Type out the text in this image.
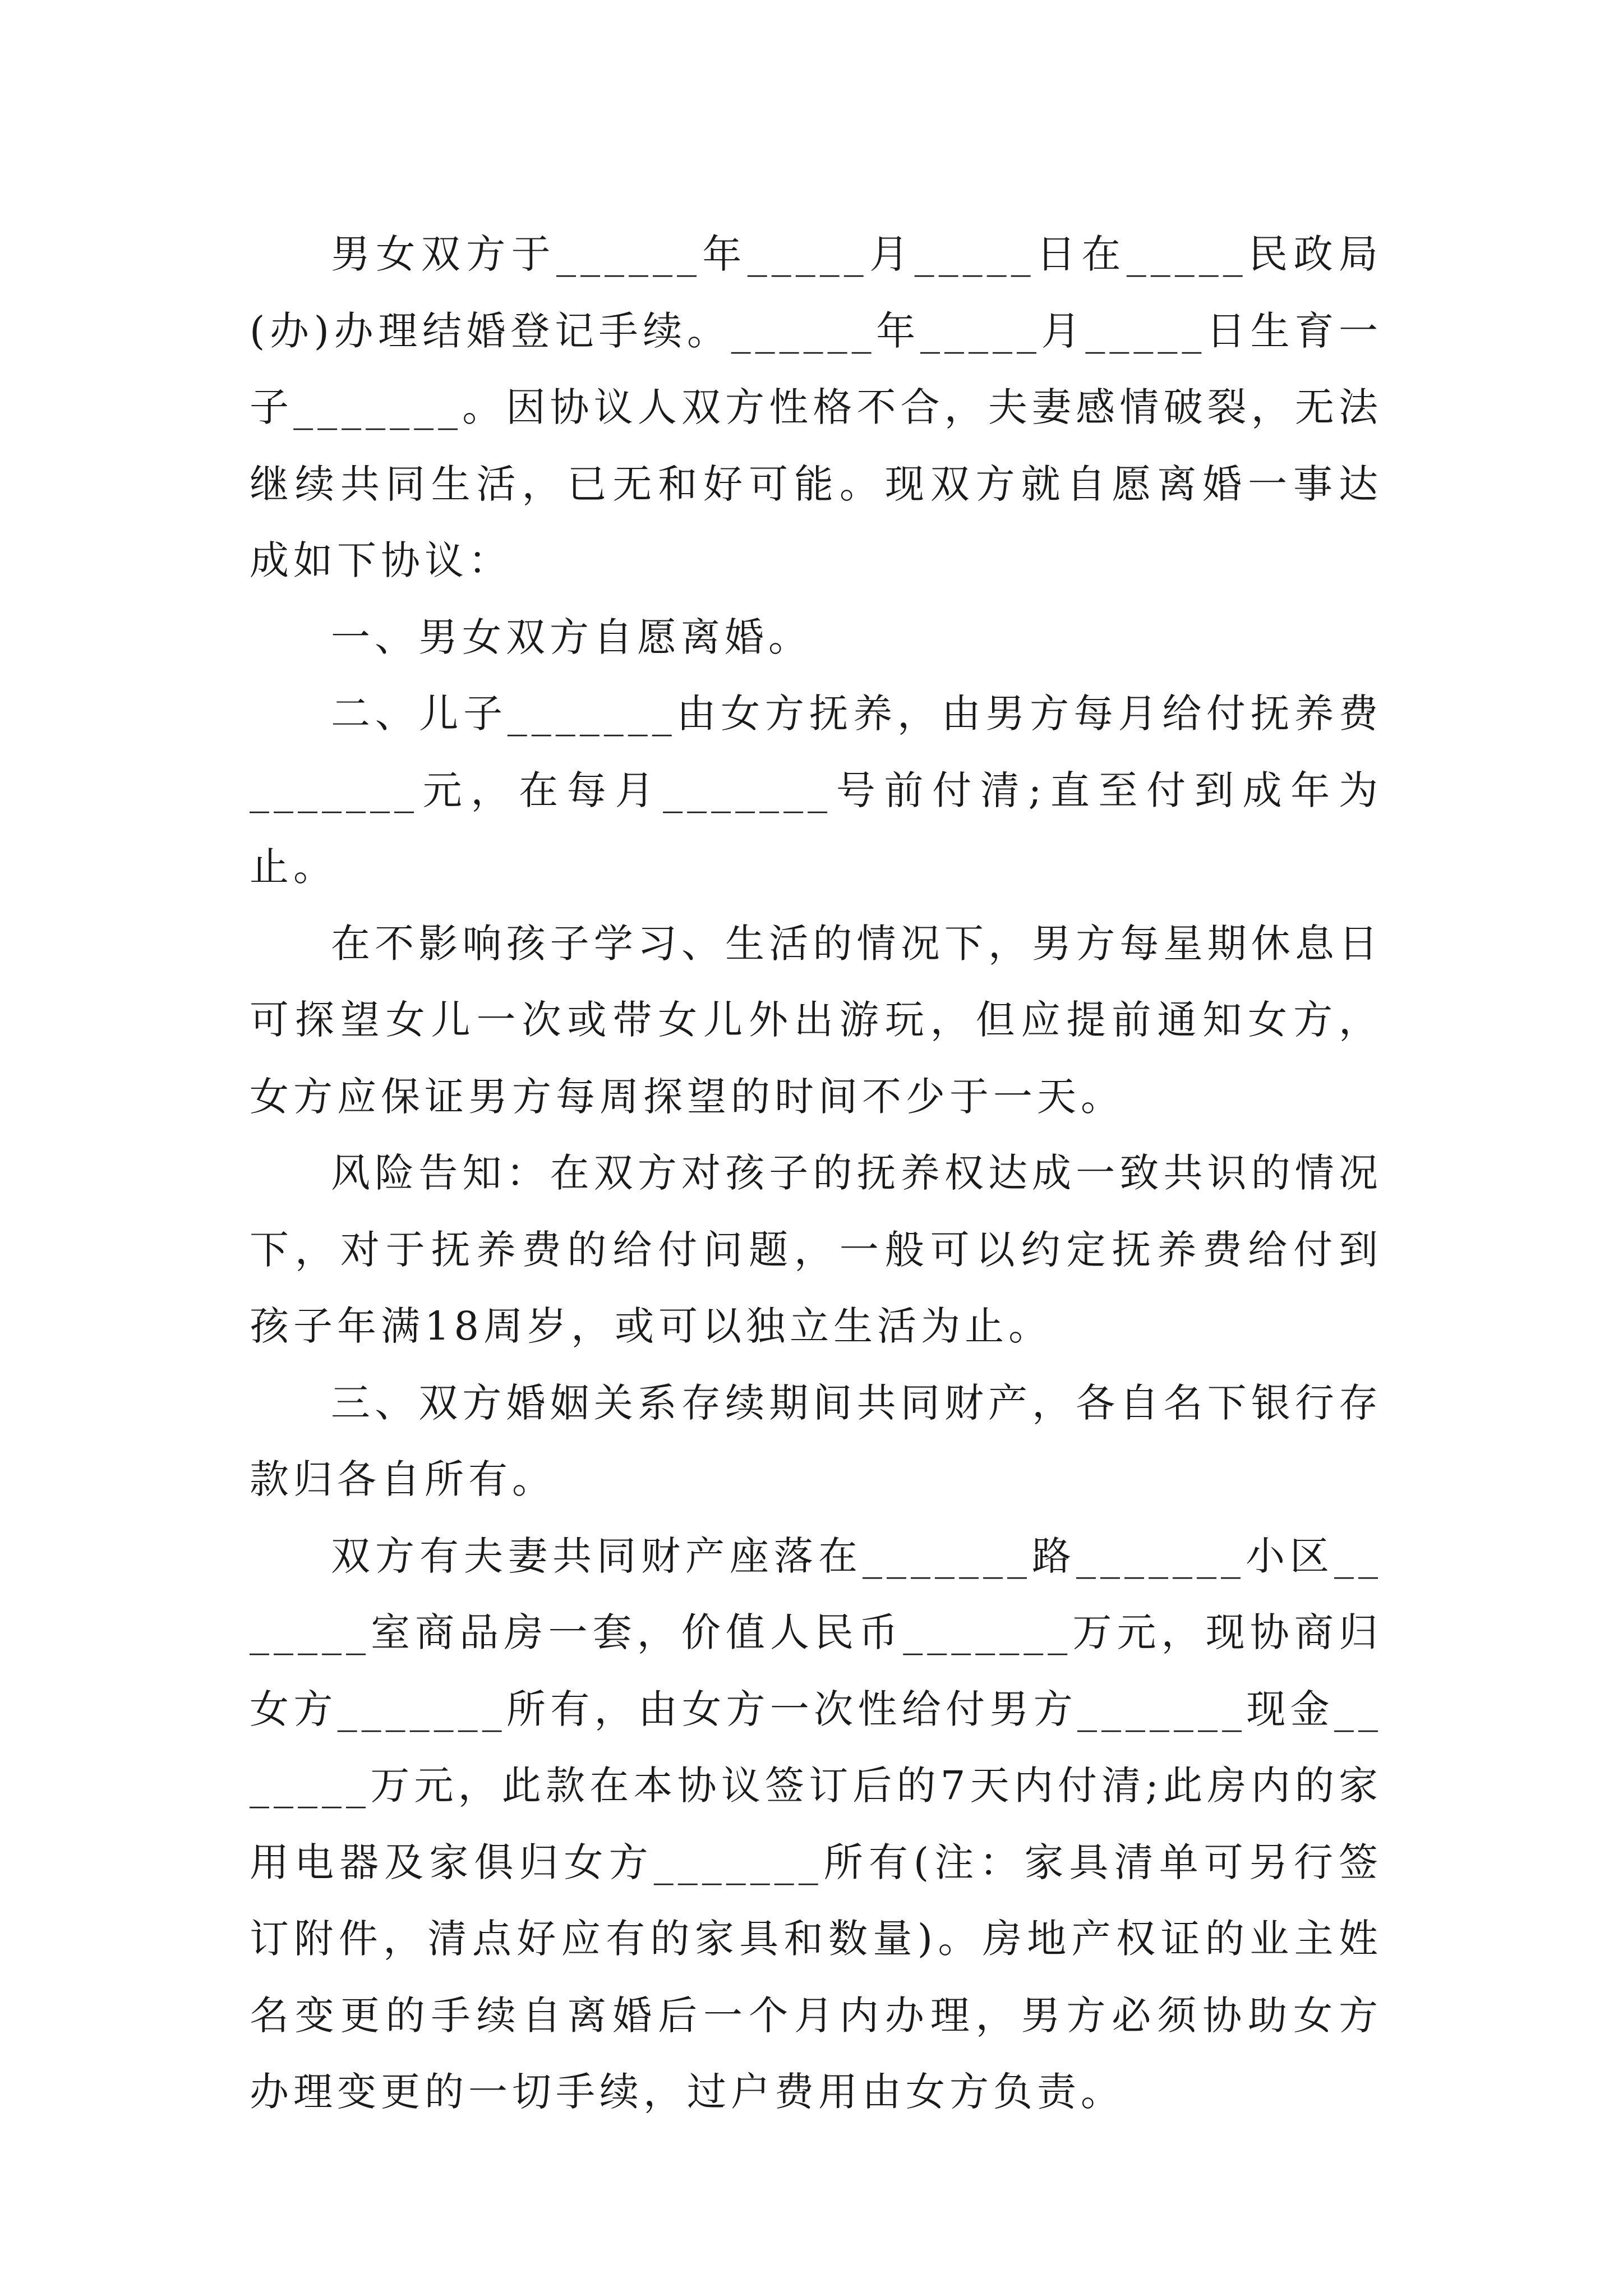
男女双方于______年_____月_____日在_____民政局(办)办理结婚登记手续。______年_____月_____日生育一子_______。因协议人双方性格不合，夫妻感情破裂，无法继续共同生活，已无和好可能。现双方就自愿离婚一事达成如下协议：

一、男女双方自愿离婚。

二、儿子_______由女方抚养，由男方每月给付抚养费_______元，在每月_______号前付清;直至付到成年为止。

在不影响孩子学习、生活的情况下，男方每星期休息日可探望女儿一次或带女儿外出游玩，但应提前通知女方，女方应保证男方每周探望的时间不少于一天。

风险告知：在双方对孩子的抚养权达成一致共识的情况下，对于抚养费的给付问题，一般可以约定抚养费给付到孩子年满18周岁，或可以独立生活为止。

三、双方婚姻关系存续期间共同财产，各自名下银行存款归各自所有。

双方有夫妻共同财产座落在_______路_______小区_______室商品房一套，价值人民币_______万元，现协商归女方_______所有，由女方一次性给付男方_______现金_______万元，此款在本协议签订后的7天内付清;此房内的家用电器及家俱归女方_______所有(注：家具清单可另行签订附件，清点好应有的家具和数量)。房地产权证的业主姓名变更的手续自离婚后一个月内办理，男方必须协助女方办理变更的一切手续，过户费用由女方负责。
